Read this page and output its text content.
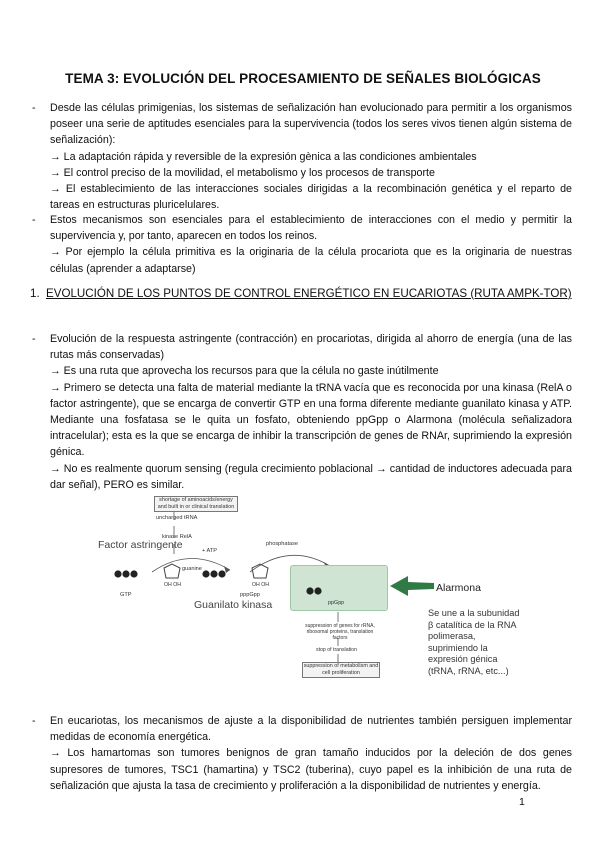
TEMA 3: EVOLUCIÓN DEL PROCESAMIENTO DE SEÑALES BIOLÓGICAS
- Desde las células primigenias, los sistemas de señalización han evolucionado para permitir a los organismos poseer una serie de aptitudes esenciales para la supervivencia (todos los seres vivos tienen algún sistema de señalización):
→ La adaptación rápida y reversible de la expresión gènica a las condiciones ambientales
→ El control preciso de la movilidad, el metabolismo y los procesos de transporte
→ El establecimiento de las interacciones sociales dirigidas a la recombinación genética y el reparto de tareas en estructuras pluricelulares.
- Estos mecanismos son esenciales para el establecimiento de interacciones con el medio y permitir la supervivencia y, por tanto, aparecen en todos los reinos.
→ Por ejemplo la célula primitiva es la originaria de la célula procariota que es la originaria de nuestras células (aprender a adaptarse)
1. EVOLUCIÓN DE LOS PUNTOS DE CONTROL ENERGÉTICO EN EUCARIOTAS (RUTA AMPK-TOR)
- Evolución de la respuesta astringente (contracción) en procariotas, dirigida al ahorro de energía (una de las rutas más conservadas)
→ Es una ruta que aprovecha los recursos para que la célula no gaste inútilmente
→ Primero se detecta una falta de material mediante la tRNA vacía que es reconocida por una kinasa (RelA o factor astringente), que se encarga de convertir GTP en una forma diferente mediante guanilato kinasa y ATP. Mediante una fosfatasa se le quita un fosfato, obteniendo ppGpp o Alarmona (molécula señalizadora intracelular); esta es la que se encarga de inhibir la transcripción de genes de RNAr, suprimiendo la expresión génica.
→ No es realmente quorum sensing (regula crecimiento poblacional → cantidad de inductores adecuada para dar señal), PERO es similar.
shortage of aminoacids/energy and built in or clinical translation
uncharged tRNA
kinase RelA
+ ATP
phosphatase
Factor astringente
GTP
guanine
OH OH	OH OH
pppGpp
Guanilato kinasa	ppGpp
Alarmona
suppression of genes for rRNA, ribosomal proteins, translation factors
stop of translation
suppression of metabolism and cell proliferation
Se une a la subunidad β catalítica de la RNA polimerasa, suprimiendo la expresión génica (tRNA, rRNA, etc...)
- En eucariotas, los mecanismos de ajuste a la disponibilidad de nutrientes también persiguen implementar medidas de economía energética.
→ Los hamartomas son tumores benignos de gran tamaño inducidos por la deleción de dos genes supresores de tumores, TSC1 (hamartina) y TSC2 (tuberina), cuyo papel es la inhibición de una ruta de señalización que ajusta la tasa de crecimiento y proliferación a la disponibilidad de nutrientes y energía.
1
